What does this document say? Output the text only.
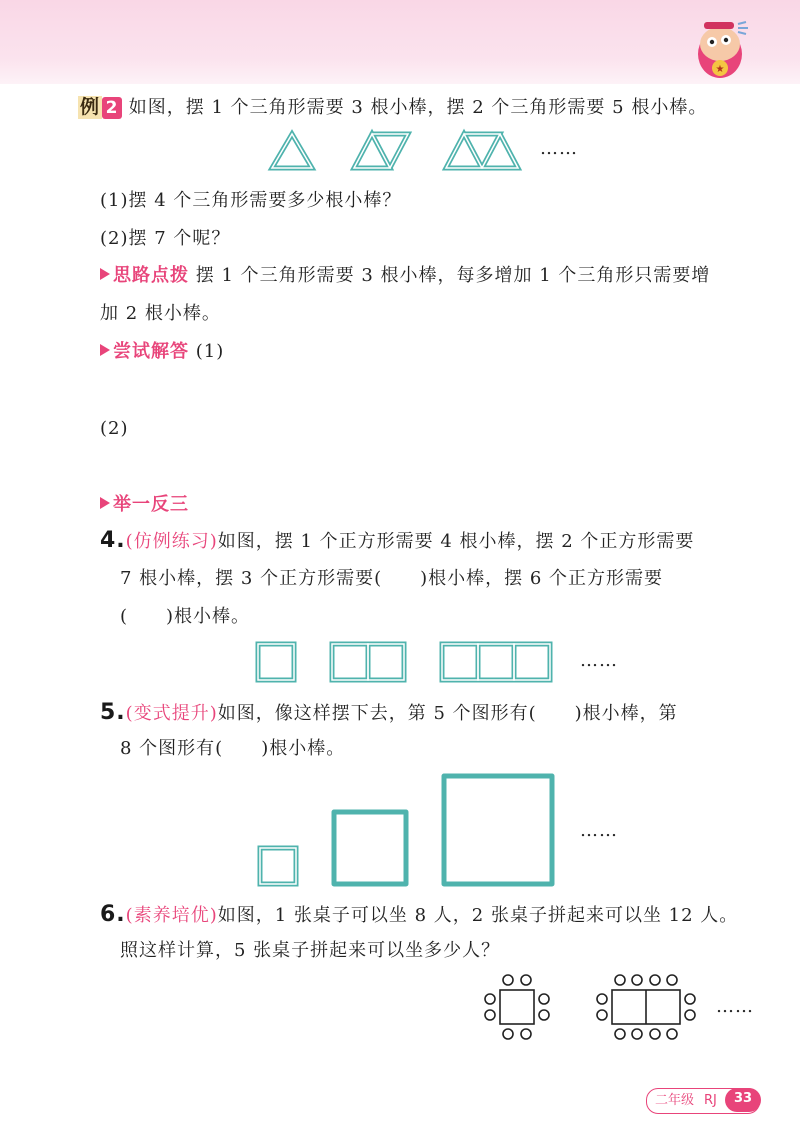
★
例 2 如图，摆 1 个三角形需要 3 根小棒，摆 2 个三角形需要 5 根小棒。
……
(1)摆 4 个三角形需要多少根小棒？
(2)摆 7 个呢？
思路点拨 摆 1 个三角形需要 3 根小棒，每多增加 1 个三角形只需要增
加 2 根小棒。
尝试解答 (1)
(2)
举一反三
4.(仿例练习)如图，摆 1 个正方形需要 4 根小棒，摆 2 个正方形需要
7 根小棒，摆 3 个正方形需要(　　)根小棒，摆 6 个正方形需要
(　　)根小棒。
……
5.(变式提升)如图，像这样摆下去，第 5 个图形有(　　)根小棒，第
8 个图形有(　　)根小棒。
……
6.(素养培优)如图，1 张桌子可以坐 8 人，2 张桌子拼起来可以坐 12 人。
照这样计算，5 张桌子拼起来可以坐多少人？
……
二年级 RJ	33
